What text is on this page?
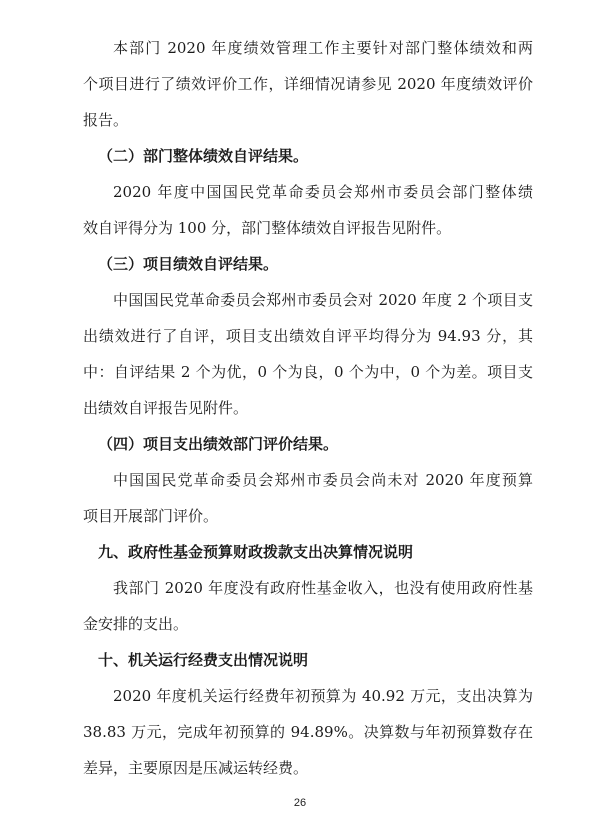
本部门 2020 年度绩效管理工作主要针对部门整体绩效和两

个项目进行了绩效评价工作，详细情况请参见 2020 年度绩效评价

报告。

（二）部门整体绩效自评结果。

2020 年度中国国民党革命委员会郑州市委员会部门整体绩

效自评得分为 100 分，部门整体绩效自评报告见附件。

（三）项目绩效自评结果。

中国国民党革命委员会郑州市委员会对 2020 年度 2 个项目支

出绩效进行了自评，项目支出绩效自评平均得分为 94.93 分，其

中：自评结果 2 个为优，0 个为良，0 个为中，0 个为差。项目支

出绩效自评报告见附件。

（四）项目支出绩效部门评价结果。

中国国民党革命委员会郑州市委员会尚未对 2020 年度预算

项目开展部门评价。

九、政府性基金预算财政拨款支出决算情况说明

我部门 2020 年度没有政府性基金收入，也没有使用政府性基

金安排的支出。

十、机关运行经费支出情况说明

2020 年度机关运行经费年初预算为 40.92 万元，支出决算为

38.83 万元，完成年初预算的 94.89%。决算数与年初预算数存在

差异，主要原因是压减运转经费。

26
